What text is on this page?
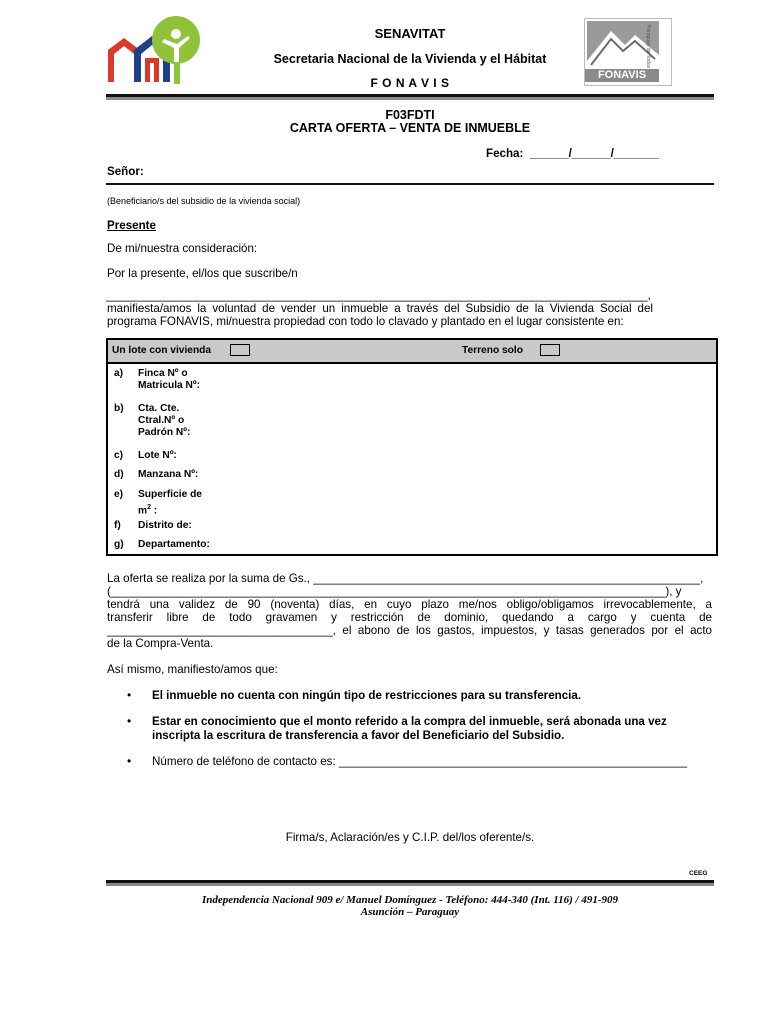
SENAVITAT
Secretaria Nacional de la Vivienda y el Hábitat
F O N A V I S
FONAVIS
Paraguay de Todos
F03FDTI
CARTA OFERTA – VENTA DE INMUEBLE
Fecha: ______/______/_______
Señor:
(Beneficiario/s del subsidio de la vivienda social)
Presente
De mi/nuestra consideración:
Por la presente, el/los que suscribe/n
____________________________________________________________________________________,
manifiesta/amos la voluntad de vender un inmueble a través del Subsidio de la Vivienda Social del
programa FONAVIS, mi/nuestra propiedad con todo lo clavado y plantado en el lugar consistente en:
Un lote con vivienda	Terreno solo
a) Finca Nº o
Matricula Nº:
b) Cta. Cte.
Ctral.Nº o
Padrón Nº:
c) Lote Nº:
d) Manzana Nº:
e) Superficie de
$m^2$ :
f) Distrito de:
g) Departamento:
La oferta se realiza por la suma de Gs., ____________________________________________________________,
(______________________________________________________________________________________), y
tendrá una validez de 90 (noventa) días, en cuyo plazo me/nos obligo/obligamos irrevocablemente, a
transferir libre de todo gravamen y restricción de dominio, quedando a cargo y cuenta de
___________________________________, el abono de los gastos, impuestos, y tasas generados por el acto
de la Compra-Venta.
Así mismo, manifiesto/amos que:
• El inmueble no cuenta con ningún tipo de restricciones para su transferencia.
• Estar en conocimiento que el monto referido a la compra del inmueble, será abonada una vez
inscripta la escritura de transferencia a favor del Beneficiario del Subsidio.
• Número de teléfono de contacto es: ______________________________________________________
Firma/s, Aclaración/es y C.I.P. del/los oferente/s.
CEEG
Independencia Nacional 909 e/ Manuel Domínguez - Teléfono: 444-340 (Int. 116) / 491-909
Asunción – Paraguay
